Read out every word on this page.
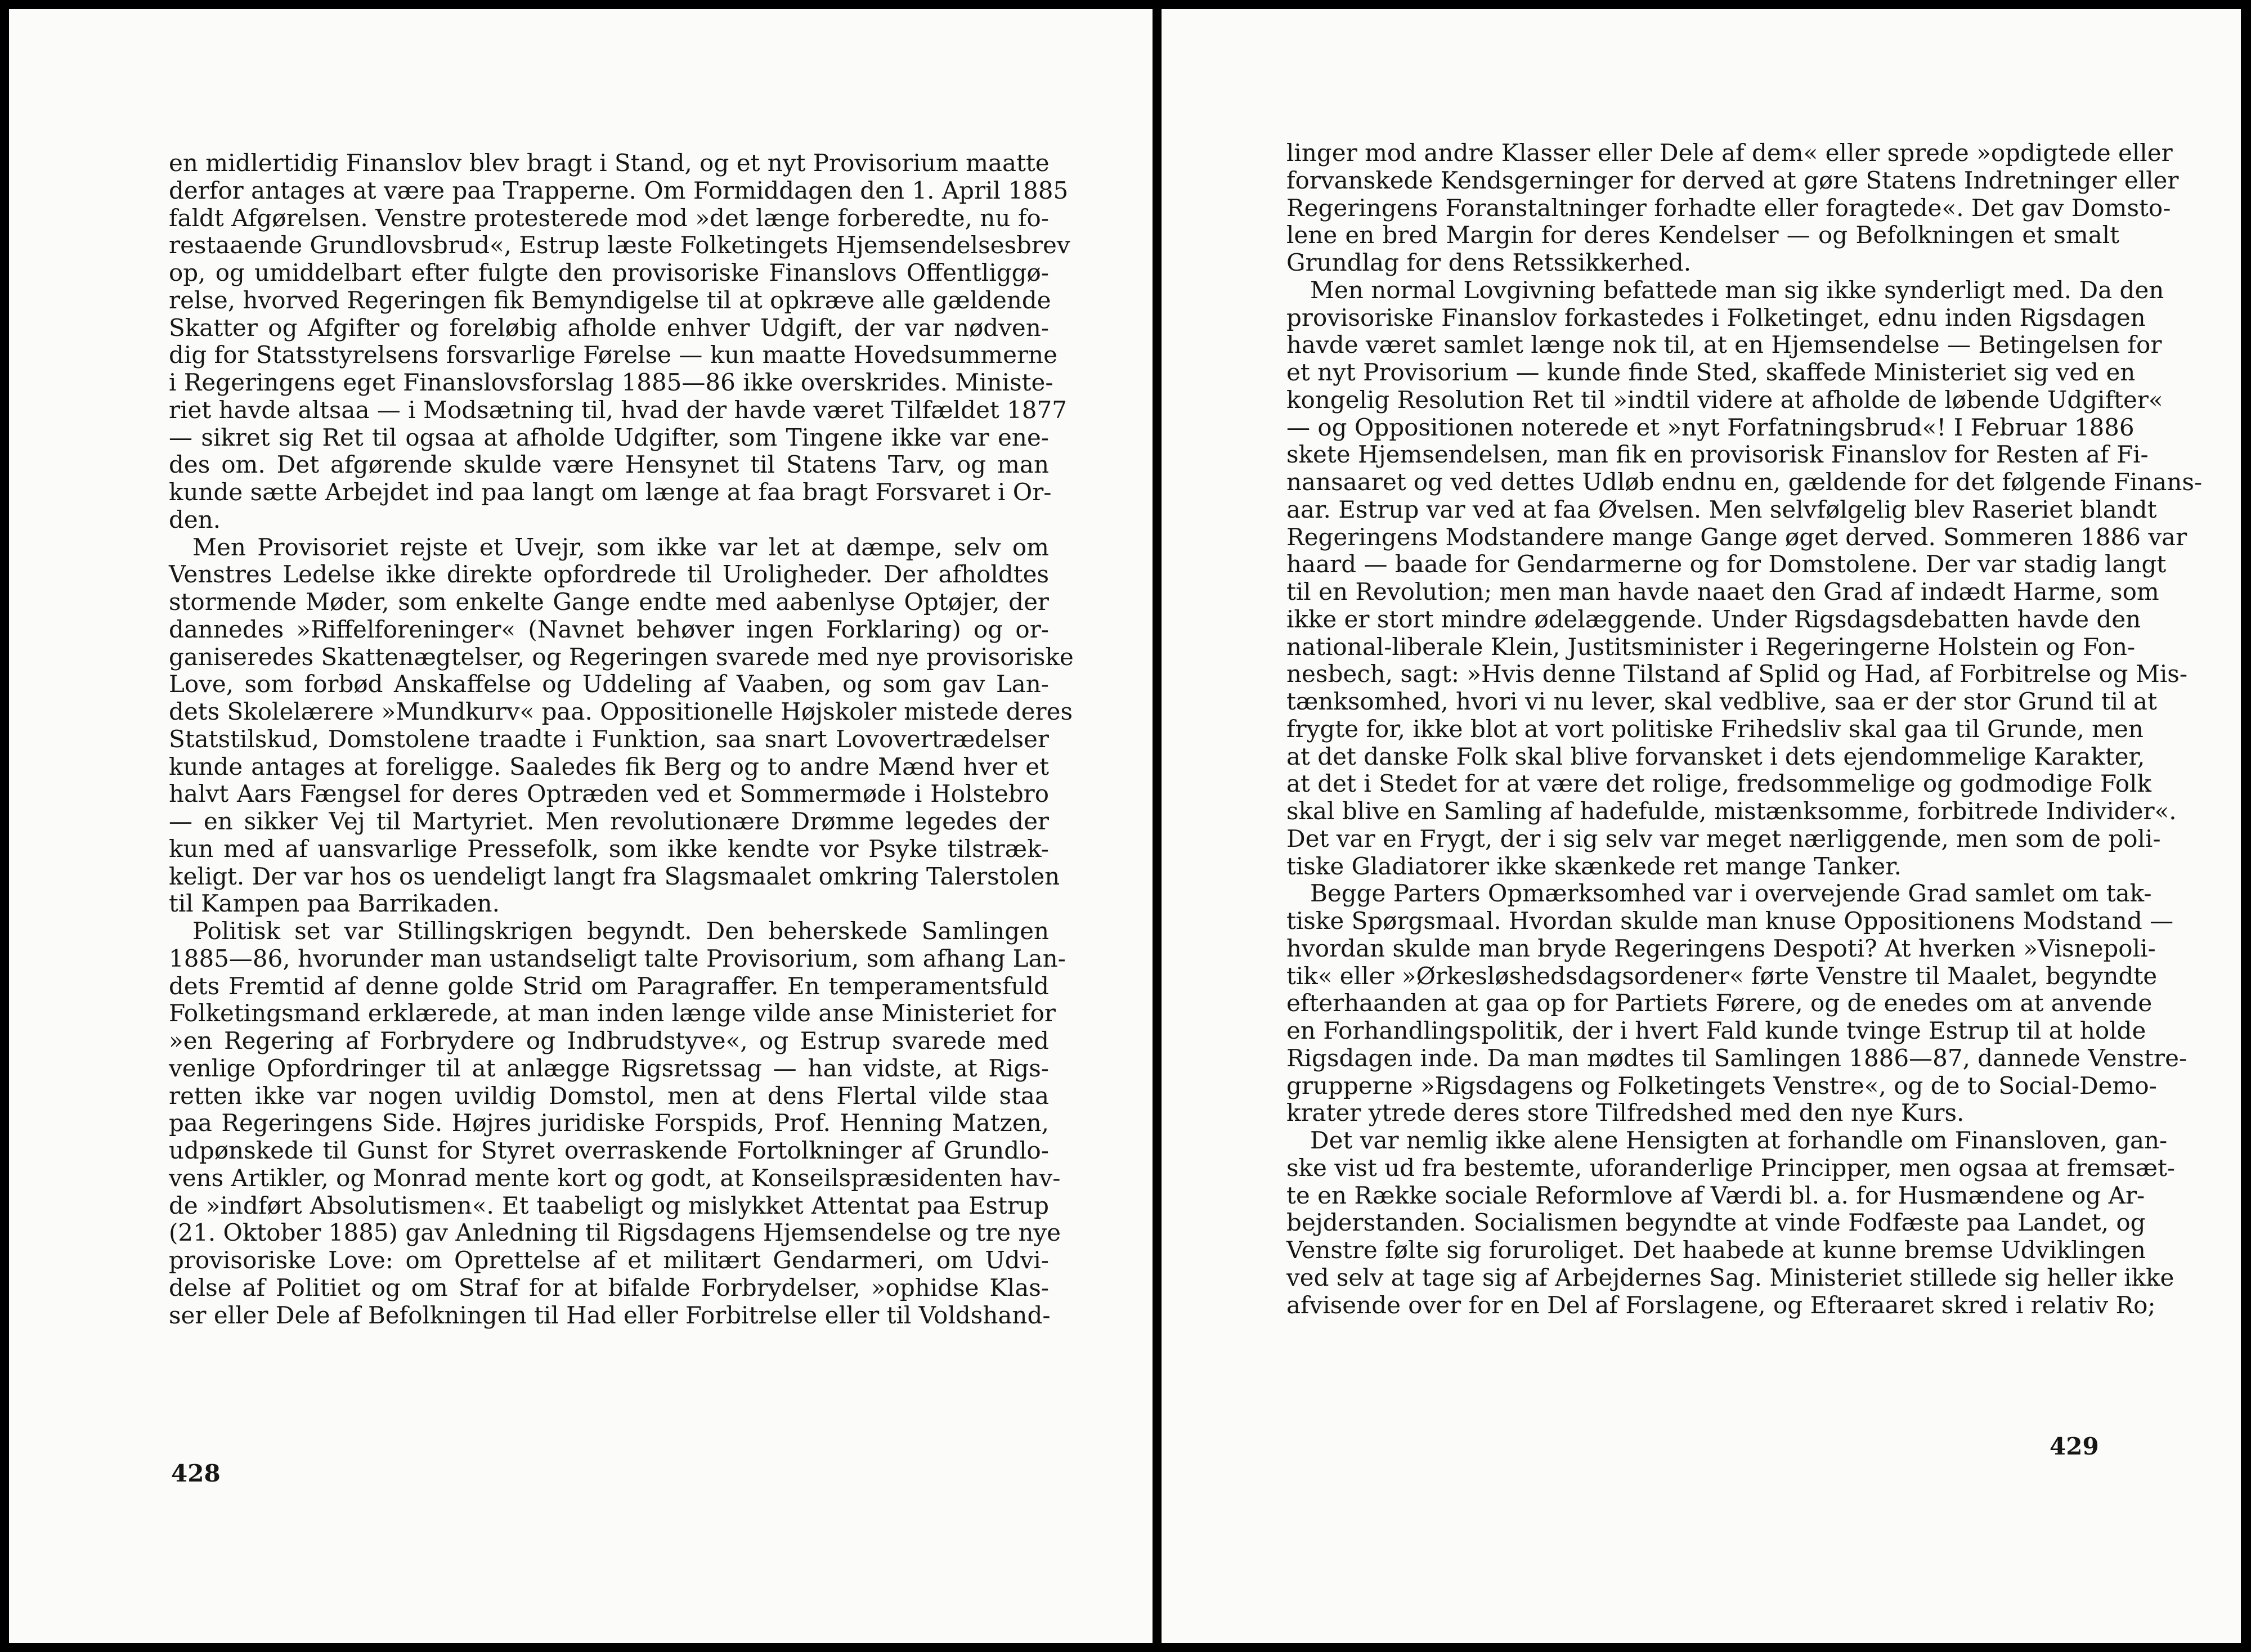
en midlertidig Finanslov blev bragt i Stand, og et nyt Provisorium maatte
derfor antages at være paa Trapperne. Om Formiddagen den 1. April 1885
faldt Afgørelsen. Venstre protesterede mod »det længe forberedte, nu fo-
restaaende Grundlovsbrud«, Estrup læste Folketingets Hjemsendelsesbrev
op, og umiddelbart efter fulgte den provisoriske Finanslovs Offentliggø-
relse, hvorved Regeringen fik Bemyndigelse til at opkræve alle gældende
Skatter og Afgifter og foreløbig afholde enhver Udgift, der var nødven-
dig for Statsstyrelsens forsvarlige Førelse — kun maatte Hovedsummerne
i Regeringens eget Finanslovsforslag 1885—86 ikke overskrides. Ministe-
riet havde altsaa — i Modsætning til, hvad der havde været Tilfældet 1877
— sikret sig Ret til ogsaa at afholde Udgifter, som Tingene ikke var ene-
des om. Det afgørende skulde være Hensynet til Statens Tarv, og man
kunde sætte Arbejdet ind paa langt om længe at faa bragt Forsvaret i Or-
den.
Men Provisoriet rejste et Uvejr, som ikke var let at dæmpe, selv om
Venstres Ledelse ikke direkte opfordrede til Uroligheder. Der afholdtes
stormende Møder, som enkelte Gange endte med aabenlyse Optøjer, der
dannedes »Riffelforeninger« (Navnet behøver ingen Forklaring) og or-
ganiseredes Skattenægtelser, og Regeringen svarede med nye provisoriske
Love, som forbød Anskaffelse og Uddeling af Vaaben, og som gav Lan-
dets Skolelærere »Mundkurv« paa. Oppositionelle Højskoler mistede deres
Statstilskud, Domstolene traadte i Funktion, saa snart Lovovertrædelser
kunde antages at foreligge. Saaledes fik Berg og to andre Mænd hver et
halvt Aars Fængsel for deres Optræden ved et Sommermøde i Holstebro
— en sikker Vej til Martyriet. Men revolutionære Drømme legedes der
kun med af uansvarlige Pressefolk, som ikke kendte vor Psyke tilstræk-
keligt. Der var hos os uendeligt langt fra Slagsmaalet omkring Talerstolen
til Kampen paa Barrikaden.
Politisk set var Stillingskrigen begyndt. Den beherskede Samlingen
1885—86, hvorunder man ustandseligt talte Provisorium, som afhang Lan-
dets Fremtid af denne golde Strid om Paragraffer. En temperamentsfuld
Folketingsmand erklærede, at man inden længe vilde anse Ministeriet for
»en Regering af Forbrydere og Indbrudstyve«, og Estrup svarede med
venlige Opfordringer til at anlægge Rigsretssag — han vidste, at Rigs-
retten ikke var nogen uvildig Domstol, men at dens Flertal vilde staa
paa Regeringens Side. Højres juridiske Forspids, Prof. Henning Matzen,
udpønskede til Gunst for Styret overraskende Fortolkninger af Grundlo-
vens Artikler, og Monrad mente kort og godt, at Konseilspræsidenten hav-
de »indført Absolutismen«. Et taabeligt og mislykket Attentat paa Estrup
(21. Oktober 1885) gav Anledning til Rigsdagens Hjemsendelse og tre nye
provisoriske Love: om Oprettelse af et militært Gendarmeri, om Udvi-
delse af Politiet og om Straf for at bifalde Forbrydelser, »ophidse Klas-
ser eller Dele af Befolkningen til Had eller Forbitrelse eller til Voldshand-
428
linger mod andre Klasser eller Dele af dem« eller sprede »opdigtede eller
forvanskede Kendsgerninger for derved at gøre Statens Indretninger eller
Regeringens Foranstaltninger forhadte eller foragtede«. Det gav Domsto-
lene en bred Margin for deres Kendelser — og Befolkningen et smalt
Grundlag for dens Retssikkerhed.
Men normal Lovgivning befattede man sig ikke synderligt med. Da den
provisoriske Finanslov forkastedes i Folketinget, ednu inden Rigsdagen
havde været samlet længe nok til, at en Hjemsendelse — Betingelsen for
et nyt Provisorium — kunde finde Sted, skaffede Ministeriet sig ved en
kongelig Resolution Ret til »indtil videre at afholde de løbende Udgifter«
— og Oppositionen noterede et »nyt Forfatningsbrud«! I Februar 1886
skete Hjemsendelsen, man fik en provisorisk Finanslov for Resten af Fi-
nansaaret og ved dettes Udløb endnu en, gældende for det følgende Finans-
aar. Estrup var ved at faa Øvelsen. Men selvfølgelig blev Raseriet blandt
Regeringens Modstandere mange Gange øget derved. Sommeren 1886 var
haard — baade for Gendarmerne og for Domstolene. Der var stadig langt
til en Revolution; men man havde naaet den Grad af indædt Harme, som
ikke er stort mindre ødelæggende. Under Rigsdagsdebatten havde den
national-liberale Klein, Justitsminister i Regeringerne Holstein og Fon-
nesbech, sagt: »Hvis denne Tilstand af Splid og Had, af Forbitrelse og Mis-
tænksomhed, hvori vi nu lever, skal vedblive, saa er der stor Grund til at
frygte for, ikke blot at vort politiske Frihedsliv skal gaa til Grunde, men
at det danske Folk skal blive forvansket i dets ejendommelige Karakter,
at det i Stedet for at være det rolige, fredsommelige og godmodige Folk
skal blive en Samling af hadefulde, mistænksomme, forbitrede Individer«.
Det var en Frygt, der i sig selv var meget nærliggende, men som de poli-
tiske Gladiatorer ikke skænkede ret mange Tanker.
Begge Parters Opmærksomhed var i overvejende Grad samlet om tak-
tiske Spørgsmaal. Hvordan skulde man knuse Oppositionens Modstand —
hvordan skulde man bryde Regeringens Despoti? At hverken »Visnepoli-
tik« eller »Ørkesløshedsdagsordener« førte Venstre til Maalet, begyndte
efterhaanden at gaa op for Partiets Førere, og de enedes om at anvende
en Forhandlingspolitik, der i hvert Fald kunde tvinge Estrup til at holde
Rigsdagen inde. Da man mødtes til Samlingen 1886—87, dannede Venstre-
grupperne »Rigsdagens og Folketingets Venstre«, og de to Social-Demo-
krater ytrede deres store Tilfredshed med den nye Kurs.
Det var nemlig ikke alene Hensigten at forhandle om Finansloven, gan-
ske vist ud fra bestemte, uforanderlige Principper, men ogsaa at fremsæt-
te en Række sociale Reformlove af Værdi bl. a. for Husmændene og Ar-
bejderstanden. Socialismen begyndte at vinde Fodfæste paa Landet, og
Venstre følte sig foruroliget. Det haabede at kunne bremse Udviklingen
ved selv at tage sig af Arbejdernes Sag. Ministeriet stillede sig heller ikke
afvisende over for en Del af Forslagene, og Efteraaret skred i relativ Ro;
429
